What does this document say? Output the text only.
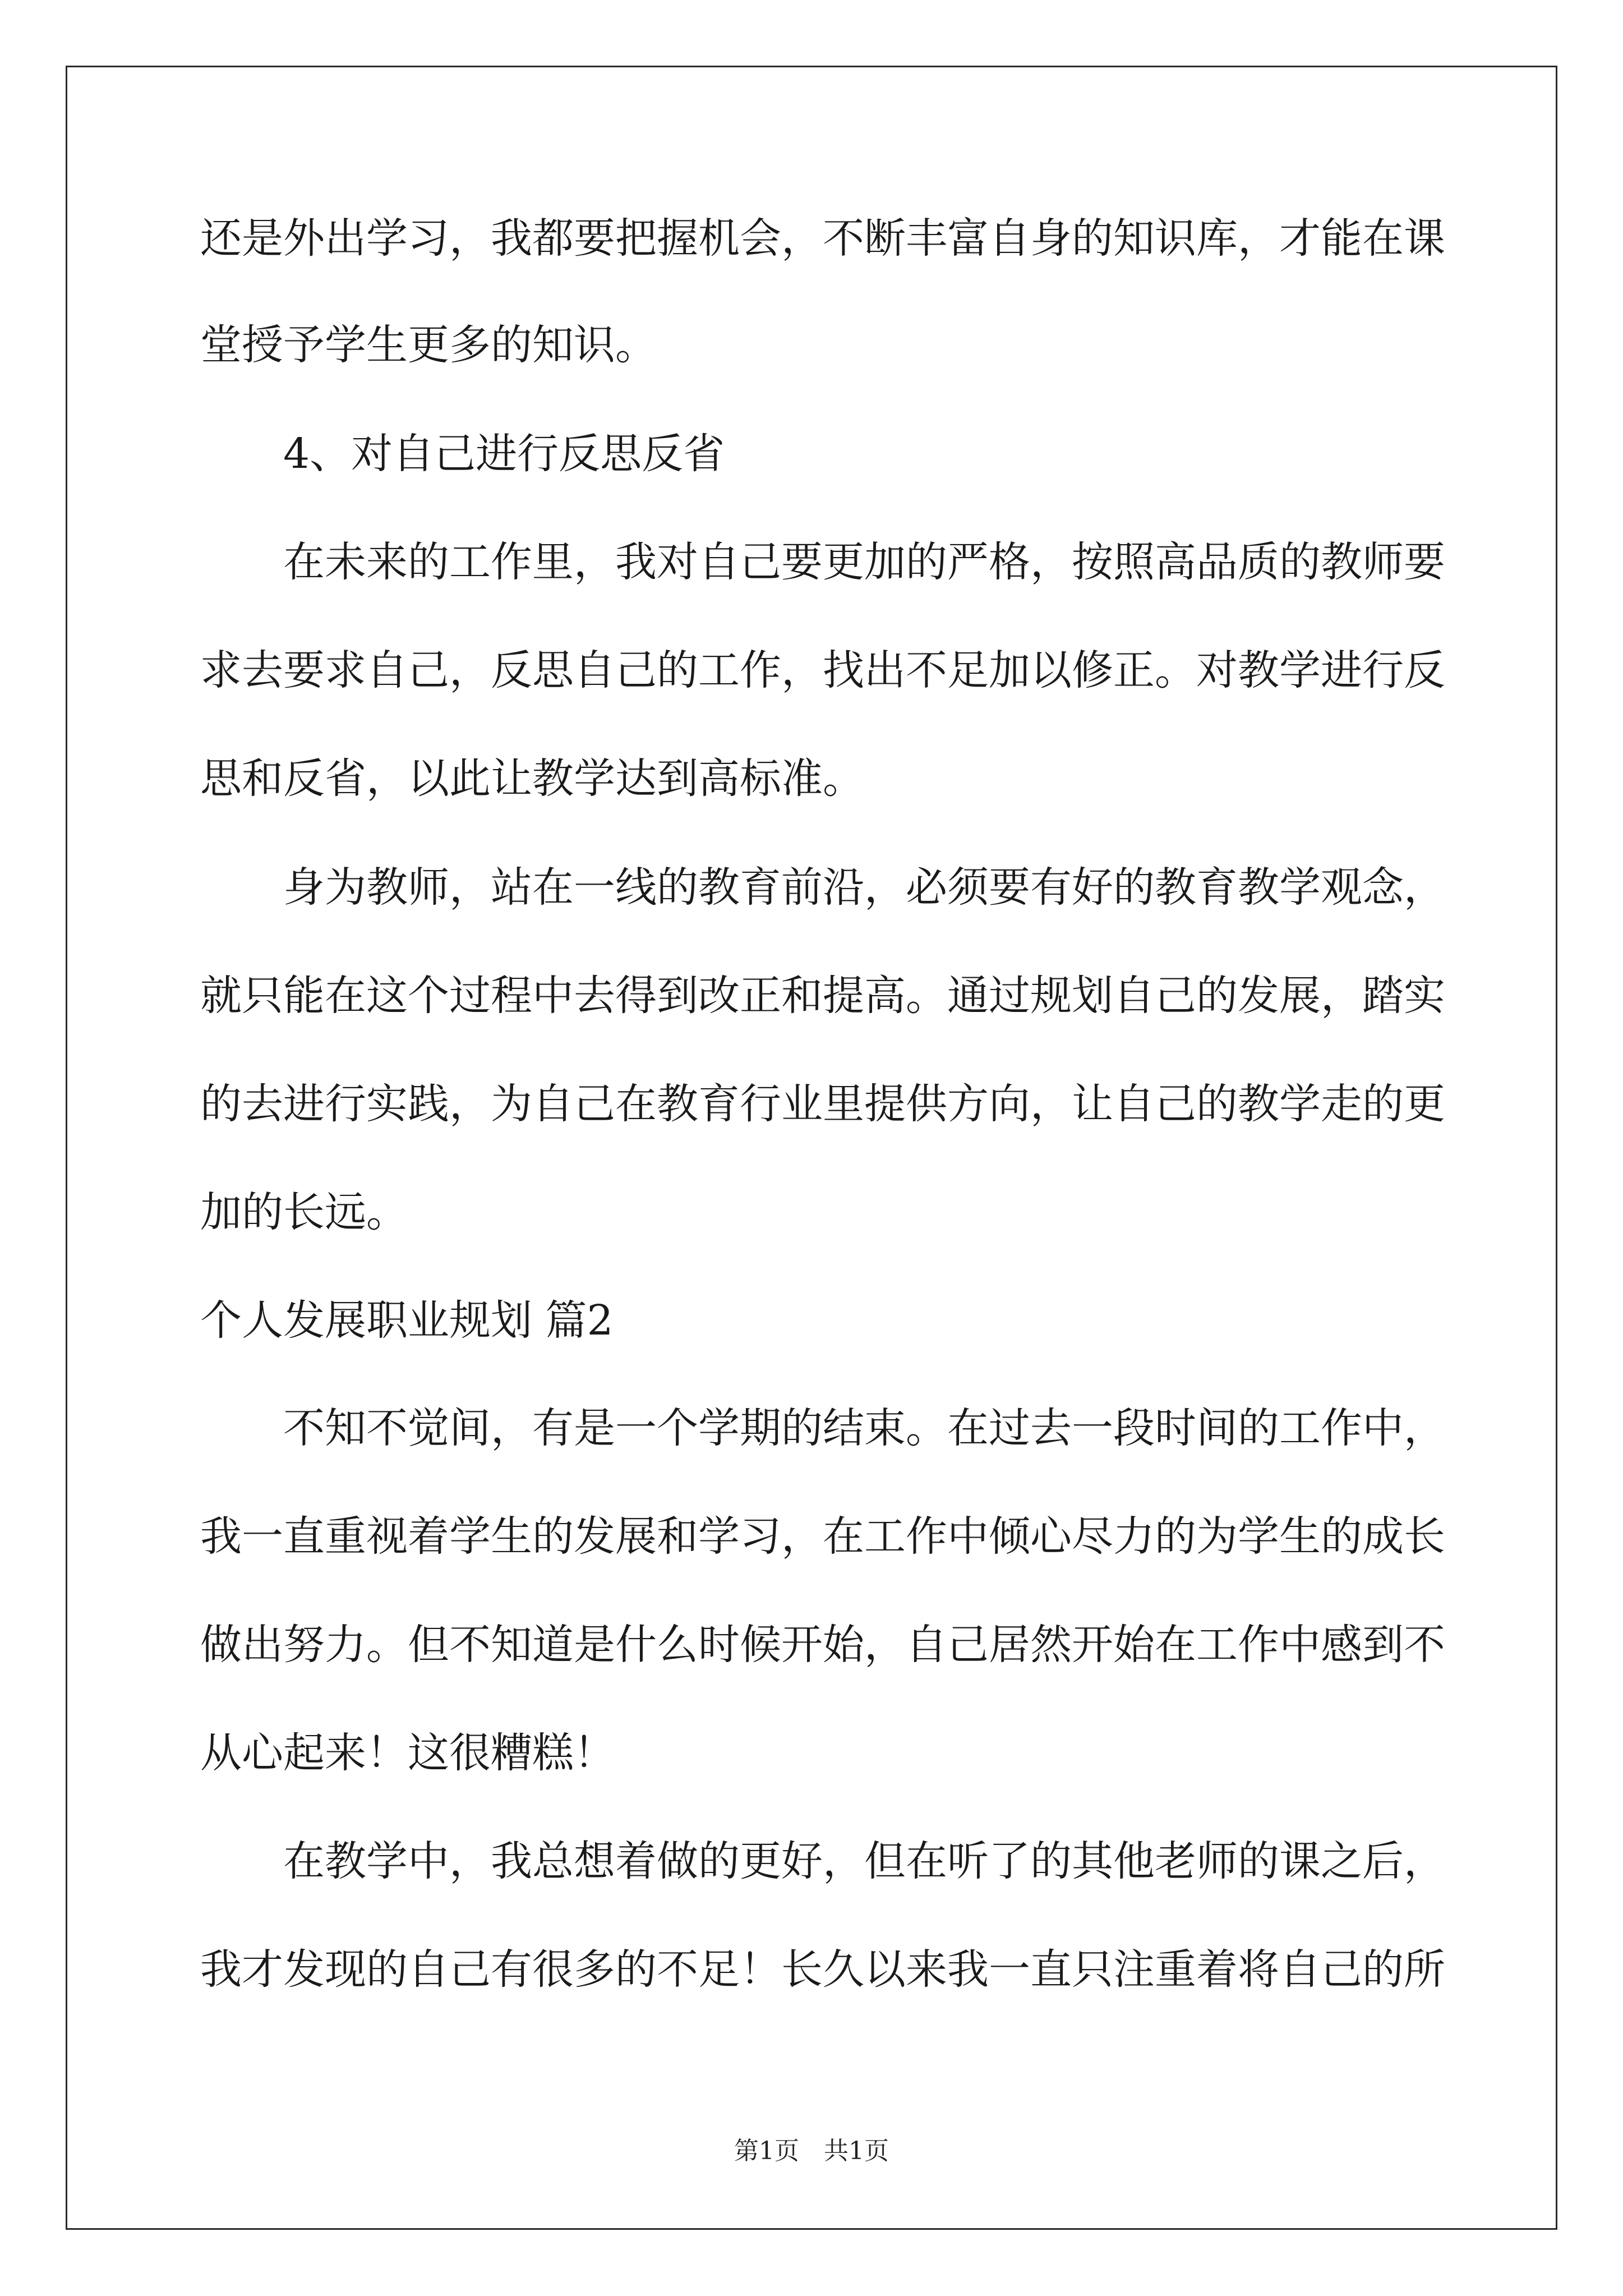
还是外出学习，我都要把握机会，不断丰富自身的知识库，才能在课
堂授予学生更多的知识。
4、对自己进行反思反省
在未来的工作里，我对自己要更加的严格，按照高品质的教师要
求去要求自己，反思自己的工作，找出不足加以修正。对教学进行反
思和反省，以此让教学达到高标准。
身为教师，站在一线的教育前沿，必须要有好的教育教学观念，
就只能在这个过程中去得到改正和提高。通过规划自己的发展，踏实
的去进行实践，为自己在教育行业里提供方向，让自己的教学走的更
加的长远。
个人发展职业规划 篇2
不知不觉间，有是一个学期的结束。在过去一段时间的工作中，
我一直重视着学生的发展和学习，在工作中倾心尽力的为学生的成长
做出努力。但不知道是什么时候开始，自己居然开始在工作中感到不
从心起来！这很糟糕！
在教学中，我总想着做的更好，但在听了的其他老师的课之后，
我才发现的自己有很多的不足！长久以来我一直只注重着将自己的所
第1页 共1页
